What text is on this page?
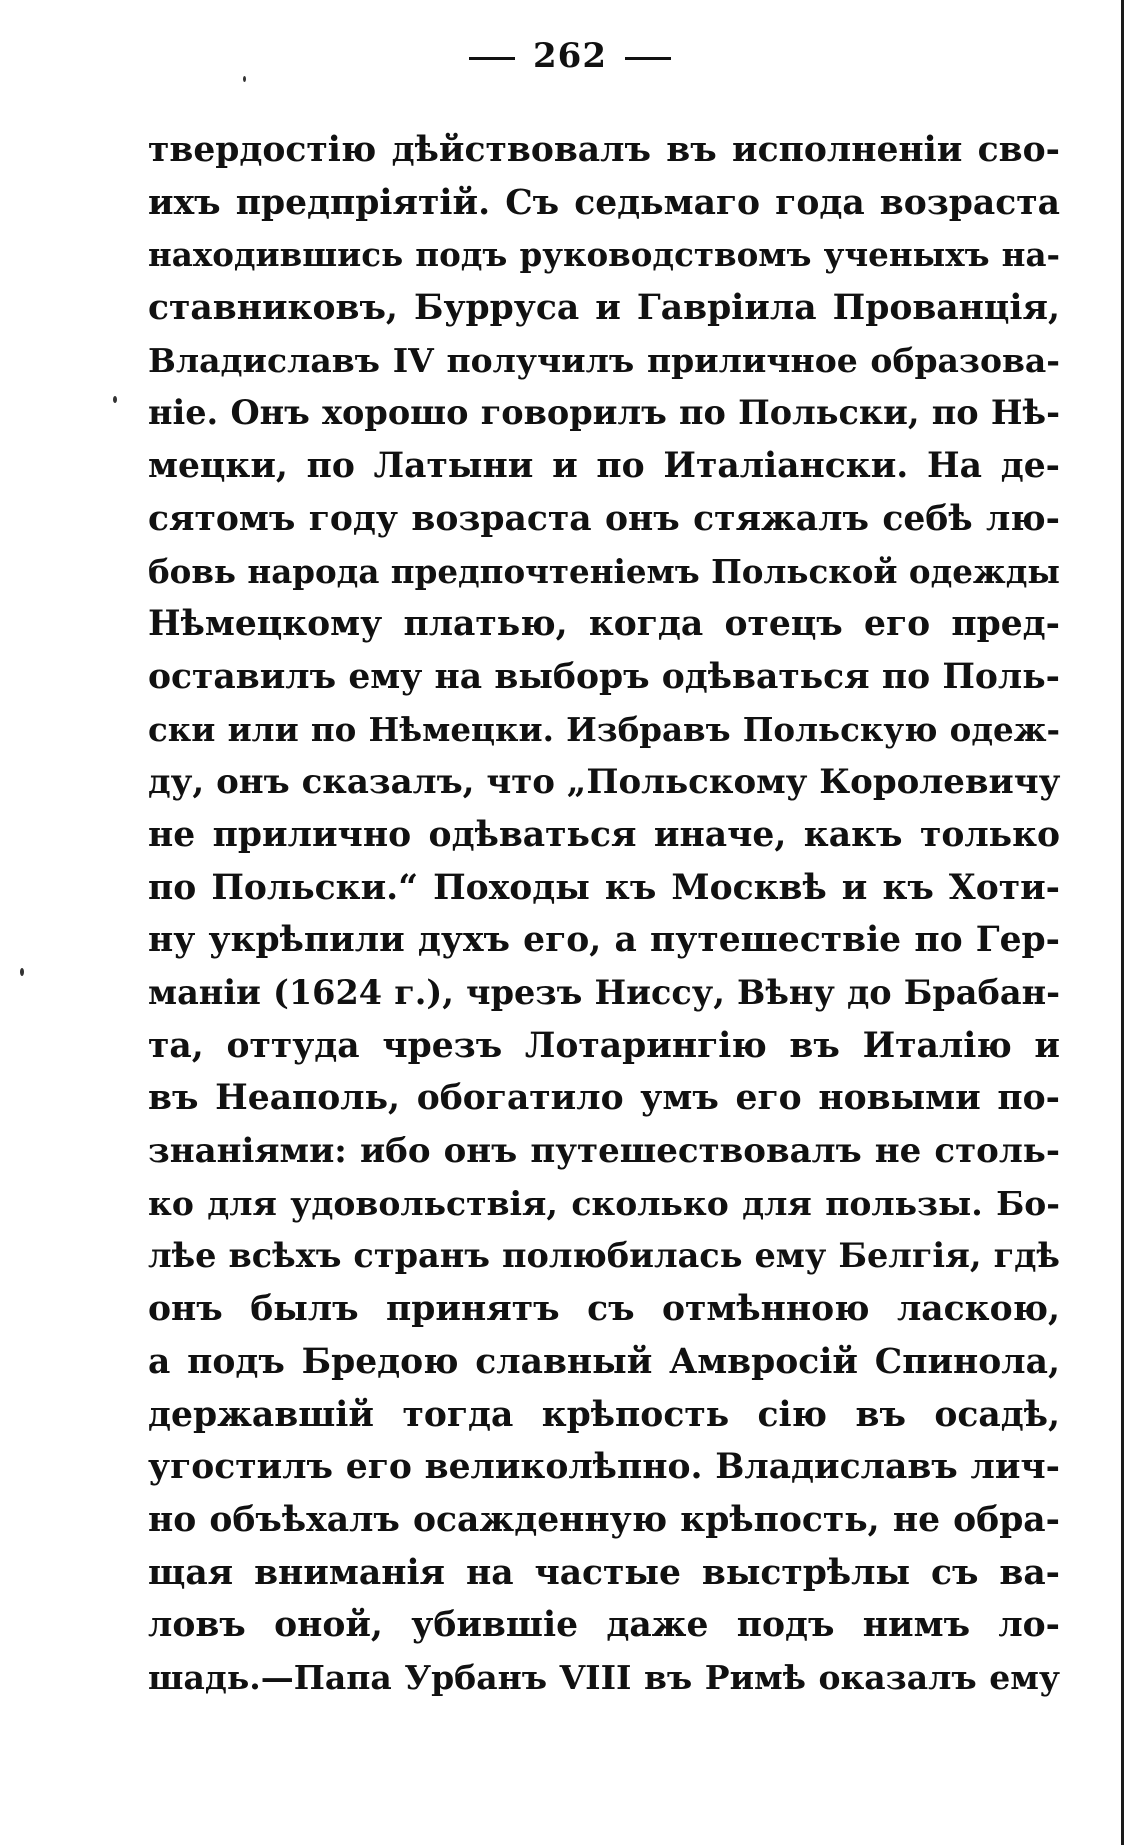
262
твердостію дѣйствовалъ въ исполненіи сво-
ихъ предпріятій. Съ седьмаго года возраста
находившись подъ руководствомъ ученыхъ на-
ставниковъ, Бурруса и Гавріила Прованція,
Владиславъ IV получилъ приличное образова-
ніе. Онъ хорошо говорилъ по Польски, по Нѣ-
мецки, по Латыни и по Италіански. На де-
сятомъ году возраста онъ стяжалъ себѣ лю-
бовь народа предпочтеніемъ Польской одежды
Нѣмецкому платью, когда отецъ его пред-
оставилъ ему на выборъ одѣваться по Поль-
ски или по Нѣмецки. Избравъ Польскую одеж-
ду, онъ сказалъ, что „Польскому Королевичу
не прилично одѣваться иначе, какъ только
по Польски.“ Походы къ Москвѣ и къ Хоти-
ну укрѣпили духъ его, а путешествіе по Гер-
маніи (1624 г.), чрезъ Ниссу, Вѣну до Брабан-
та, оттуда чрезъ Лотарингію въ Италію и
въ Неаполь, обогатило умъ его новыми по-
знаніями: ибо онъ путешествовалъ не столь-
ко для удовольствія, сколько для пользы. Бо-
лѣе всѣхъ странъ полюбилась ему Белгія, гдѣ
онъ былъ принятъ съ отмѣнною ласкою,
а подъ Бредою славный Амвросій Спинола,
державшій тогда крѣпость сію въ осадѣ,
угостилъ его великолѣпно. Владиславъ лич-
но объѣхалъ осажденную крѣпость, не обра-
щая вниманія на частые выстрѣлы съ ва-
ловъ оной, убившіе даже подъ нимъ ло-
шадь.—Папа Урбанъ VIII въ Римѣ оказалъ ему
